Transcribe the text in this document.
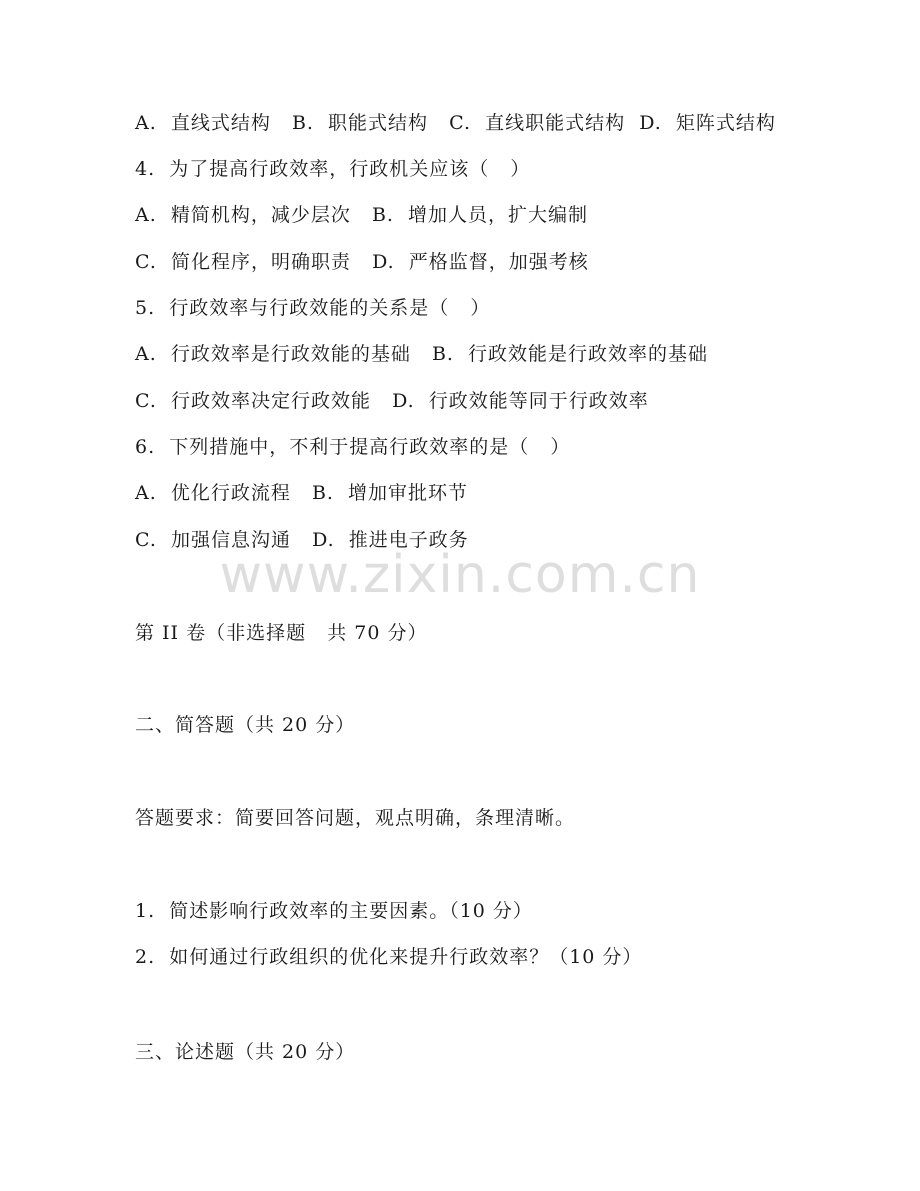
A.  直线式结构   B.  职能式结构   C.  直线职能式结构  D.  矩阵式结构
4.  为了提高行政效率，行政机关应该（   ）
A.  精简机构，减少层次   B.  增加人员，扩大编制
C.  简化程序，明确职责   D.  严格监督，加强考核
5.  行政效率与行政效能的关系是（   ）
A.  行政效率是行政效能的基础   B.  行政效能是行政效率的基础
C.  行政效率决定行政效能   D.  行政效能等同于行政效率
6.  下列措施中，不利于提高行政效率的是（   ）
A.  优化行政流程   B.  增加审批环节
C.  加强信息沟通   D.  推进电子政务
www.zixin.com.cn
第 II 卷（非选择题   共 70 分）
二、简答题（共 20 分）
答题要求：简要回答问题，观点明确，条理清晰。
1.  简述影响行政效率的主要因素。（10 分）
2.  如何通过行政组织的优化来提升行政效率？（10 分）
三、论述题（共 20 分）
